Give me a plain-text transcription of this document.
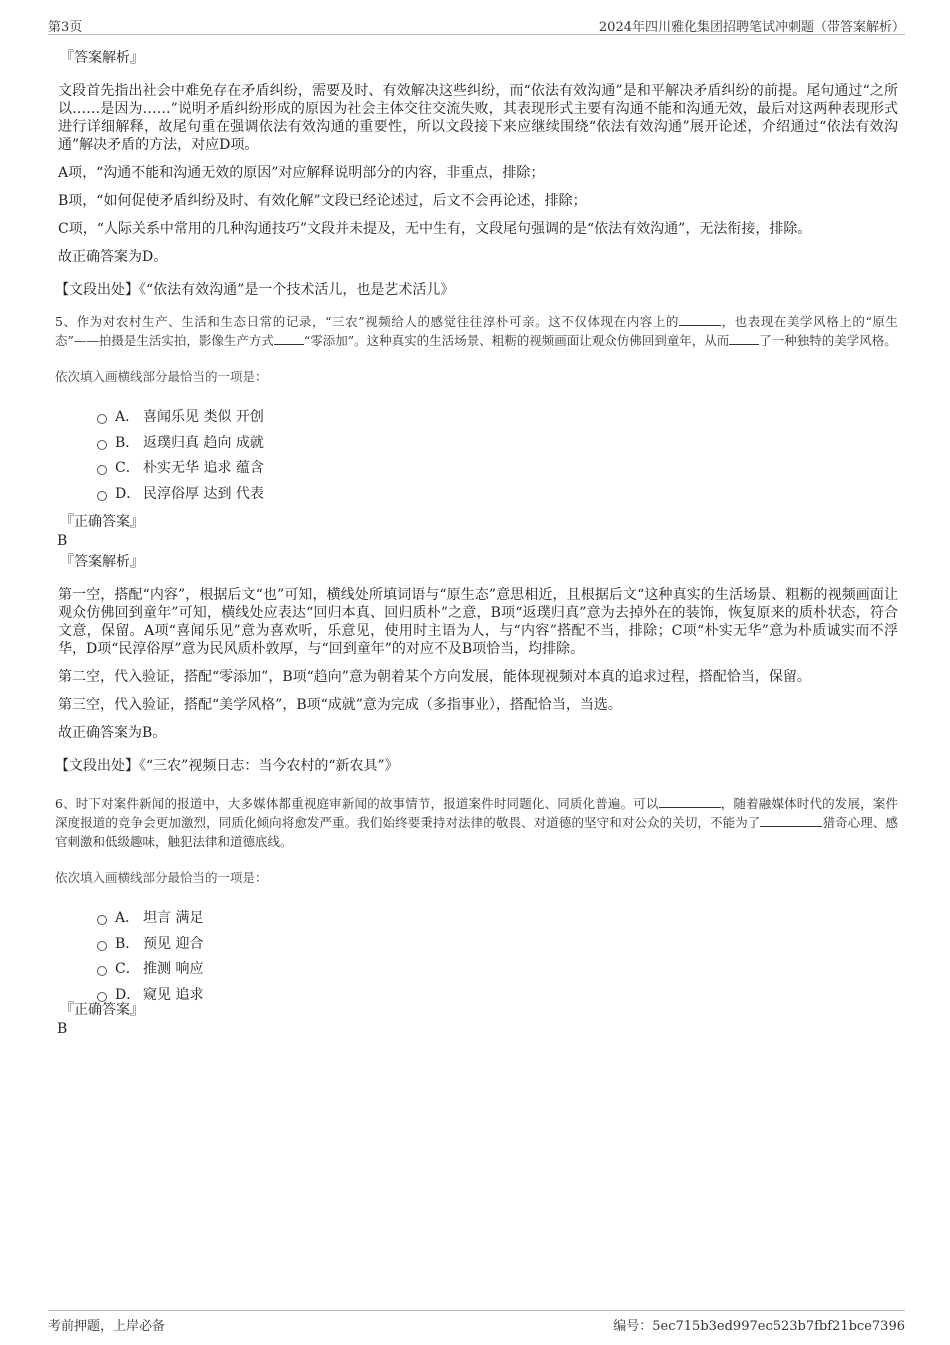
第3页	2024年四川雅化集团招聘笔试冲刺题（带答案解析）
『答案解析』
文段首先指出社会中难免存在矛盾纠纷，需要及时、有效解决这些纠纷，而“依法有效沟通”是和平解决矛盾纠纷的前提。尾句通过“之所以……是因为……”说明矛盾纠纷形成的原因为社会主体交往交流失败，其表现形式主要有沟通不能和沟通无效，最后对这两种表现形式进行详细解释，故尾句重在强调依法有效沟通的重要性，所以文段接下来应继续围绕“依法有效沟通”展开论述，介绍通过“依法有效沟通”解决矛盾的方法，对应D项。
A项，“沟通不能和沟通无效的原因”对应解释说明部分的内容，非重点，排除；
B项，“如何促使矛盾纠纷及时、有效化解”文段已经论述过，后文不会再论述，排除；
C项，“人际关系中常用的几种沟通技巧”文段并未提及，无中生有，文段尾句强调的是“依法有效沟通”，无法衔接，排除。
故正确答案为D。
【文段出处】《“依法有效沟通”是一个技术活儿，也是艺术活儿》
5、作为对农村生产、生活和生态日常的记录，“三农”视频给人的感觉往往淳朴可亲。这不仅体现在内容上的	，也表现在美学风格上的“原生态”——拍摄是生活实拍，影像生产方式 “零添加”。这种真实的生活场景、粗粝的视频画面让观众仿佛回到童年，从而 了一种独特的美学风格。
依次填入画横线部分最恰当的一项是：
A． 喜闻乐见 类似 开创
B． 返璞归真 趋向 成就
C． 朴实无华 追求 蕴含
D． 民淳俗厚 达到 代表
『正确答案』
B
『答案解析』
第一空，搭配“内容”，根据后文“也”可知，横线处所填词语与“原生态”意思相近，且根据后文“这种真实的生活场景、粗粝的视频画面让观众仿佛回到童年”可知，横线处应表达“回归本真、回归质朴”之意，B项“返璞归真”意为去掉外在的装饰，恢复原来的质朴状态，符合文意，保留。A项“喜闻乐见”意为喜欢听，乐意见，使用时主语为人，与“内容”搭配不当，排除；C项“朴实无华”意为朴质诚实而不浮华，D项“民淳俗厚”意为民风质朴敦厚，与“回到童年”的对应不及B项恰当，均排除。
第二空，代入验证，搭配“零添加”，B项“趋向”意为朝着某个方向发展，能体现视频对本真的追求过程，搭配恰当，保留。
第三空，代入验证，搭配“美学风格”，B项“成就”意为完成（多指事业），搭配恰当，当选。
故正确答案为B。
【文段出处】《“三农”视频日志：当今农村的“新农具”》
6、时下对案件新闻的报道中，大多媒体都重视庭审新闻的故事情节，报道案件时同题化、同质化普遍。可以	，随着融媒体时代的发展，案件深度报道的竞争会更加激烈，同质化倾向将愈发严重。我们始终要秉持对法律的敬畏、对道德的坚守和对公众的关切，不能为了	猎奇心理、感官刺激和低级趣味，触犯法律和道德底线。
依次填入画横线部分最恰当的一项是：
A． 坦言 满足
B． 预见 迎合
C． 推测 响应
D． 窥见 追求
『正确答案』
B
考前押题，上岸必备	编号：5ec715b3ed997ec523b7fbf21bce7396
